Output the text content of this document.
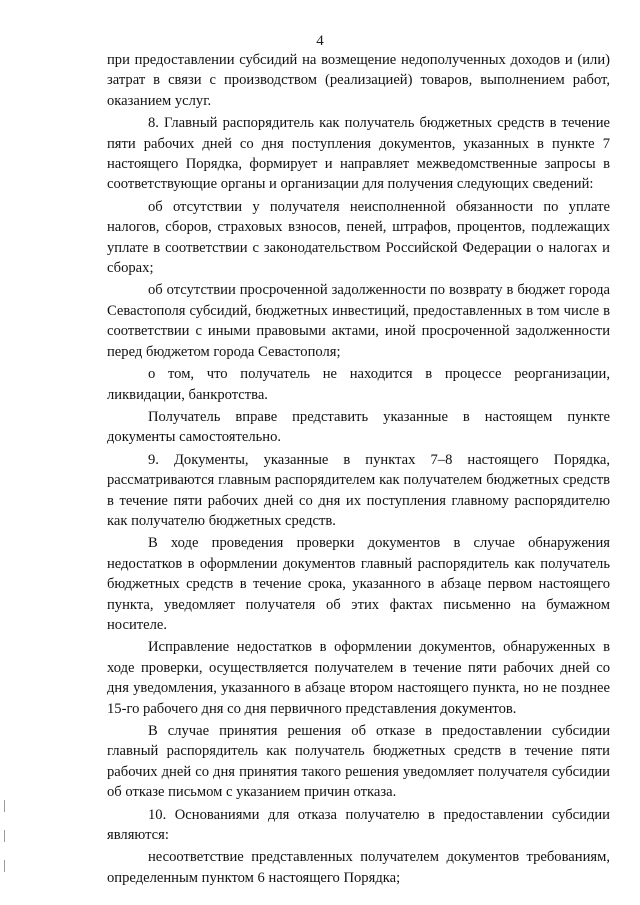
4

при предоставлении субсидий на возмещение недополученных доходов и (или) затрат в связи с производством (реализацией) товаров, выполнением работ, оказанием услуг.

8. Главный распорядитель как получатель бюджетных средств в течение пяти рабочих дней со дня поступления документов, указанных в пункте 7 настоящего Порядка, формирует и направляет межведомственные запросы в соответствующие органы и организации для получения следующих сведений:

об отсутствии у получателя неисполненной обязанности по уплате налогов, сборов, страховых взносов, пеней, штрафов, процентов, подлежащих уплате в соответствии с законодательством Российской Федерации о налогах и сборах;

об отсутствии просроченной задолженности по возврату в бюджет города Севастополя субсидий, бюджетных инвестиций, предоставленных в том числе в соответствии с иными правовыми актами, иной просроченной задолженности перед бюджетом города Севастополя;

о том, что получатель не находится в процессе реорганизации, ликвидации, банкротства.

Получатель вправе представить указанные в настоящем пункте документы самостоятельно.

9. Документы, указанные в пунктах 7–8 настоящего Порядка, рассматриваются главным распорядителем как получателем бюджетных средств в течение пяти рабочих дней со дня их поступления главному распорядителю как получателю бюджетных средств.

В ходе проведения проверки документов в случае обнаружения недостатков в оформлении документов главный распорядитель как получатель бюджетных средств в течение срока, указанного в абзаце первом настоящего пункта, уведомляет получателя об этих фактах письменно на бумажном носителе.

Исправление недостатков в оформлении документов, обнаруженных в ходе проверки, осуществляется получателем в течение пяти рабочих дней со дня уведомления, указанного в абзаце втором настоящего пункта, но не позднее 15-го рабочего дня со дня первичного представления документов.

В случае принятия решения об отказе в предоставлении субсидии главный распорядитель как получатель бюджетных средств в течение пяти рабочих дней со дня принятия такого решения уведомляет получателя субсидии об отказе письмом с указанием причин отказа.

10. Основаниями для отказа получателю в предоставлении субсидии являются:

несоответствие представленных получателем документов требованиям, определенным пунктом 6 настоящего Порядка;
